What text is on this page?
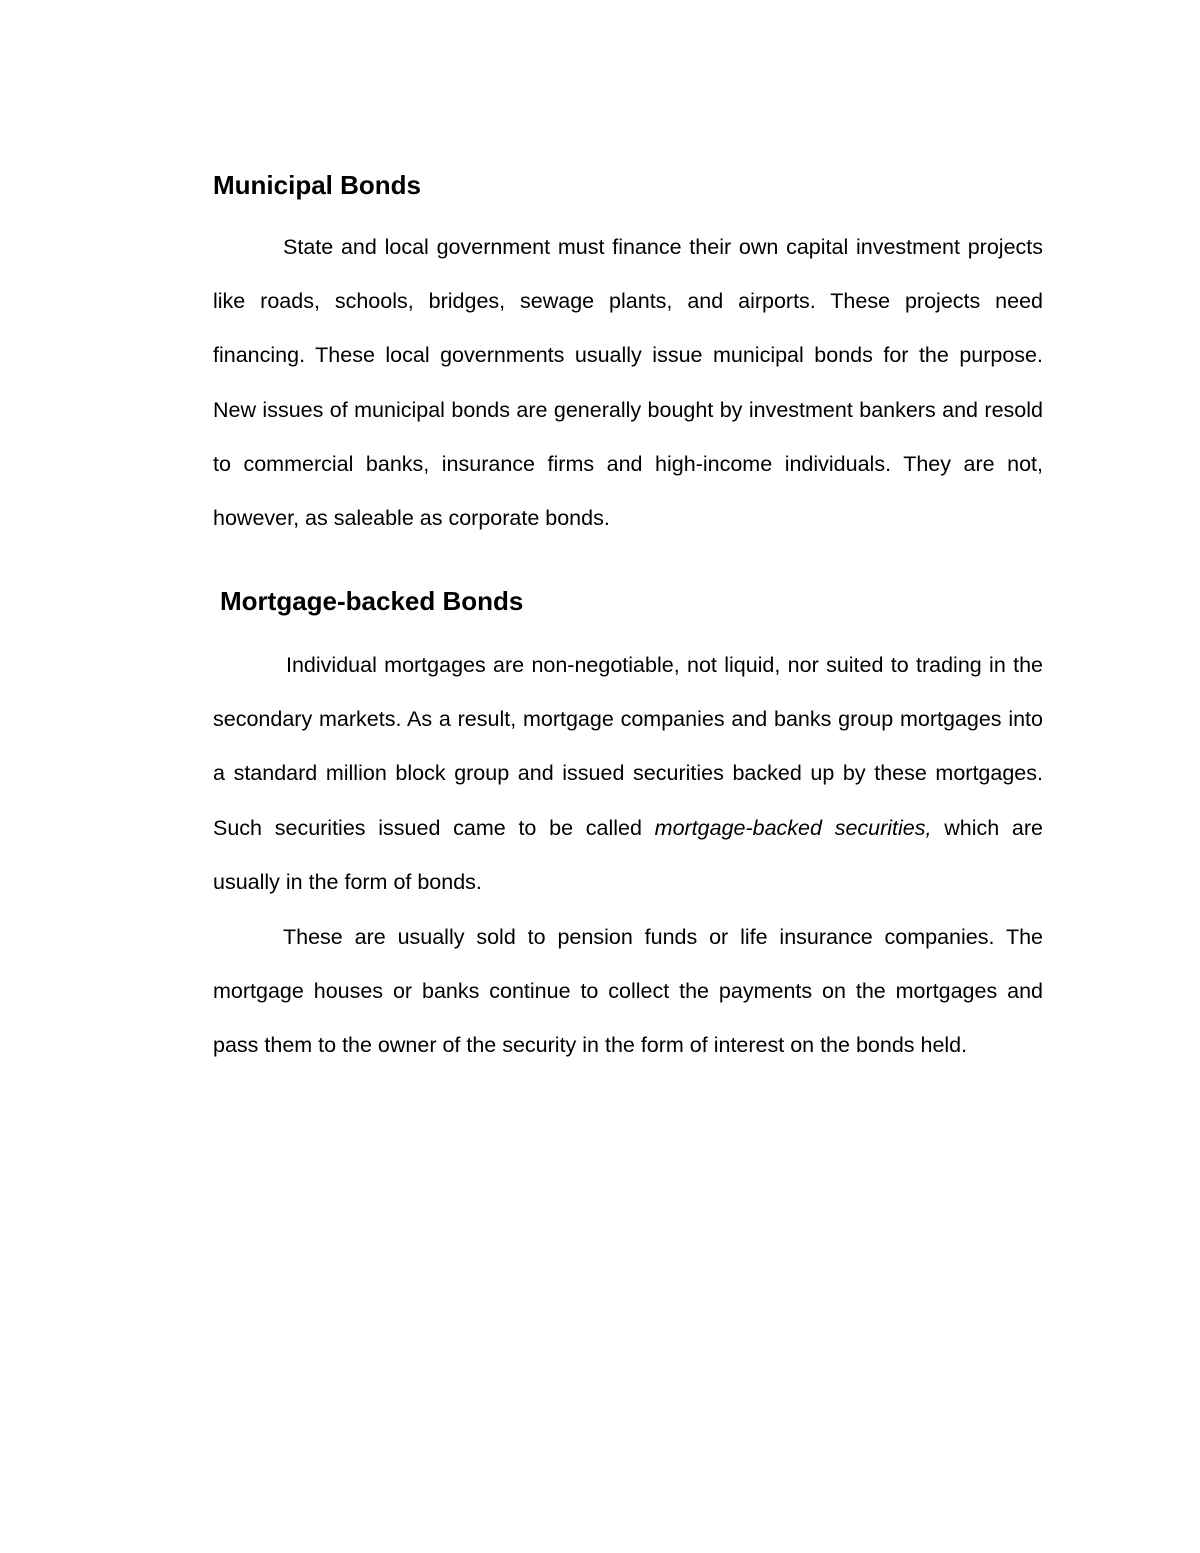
Municipal Bonds

State and local government must finance their own capital investment projects like roads, schools, bridges, sewage plants, and airports. These projects need financing. These local governments usually issue municipal bonds for the purpose. New issues of municipal bonds are generally bought by investment bankers and resold to commercial banks, insurance firms and high-income individuals. They are not, however, as saleable as corporate bonds.

Mortgage-backed Bonds

Individual mortgages are non-negotiable, not liquid, nor suited to trading in the secondary markets. As a result, mortgage companies and banks group mortgages into a standard million block group and issued securities backed up by these mortgages. Such securities issued came to be called mortgage-backed securities, which are usually in the form of bonds.

These are usually sold to pension funds or life insurance companies. The mortgage houses or banks continue to collect the payments on the mortgages and pass them to the owner of the security in the form of interest on the bonds held.
